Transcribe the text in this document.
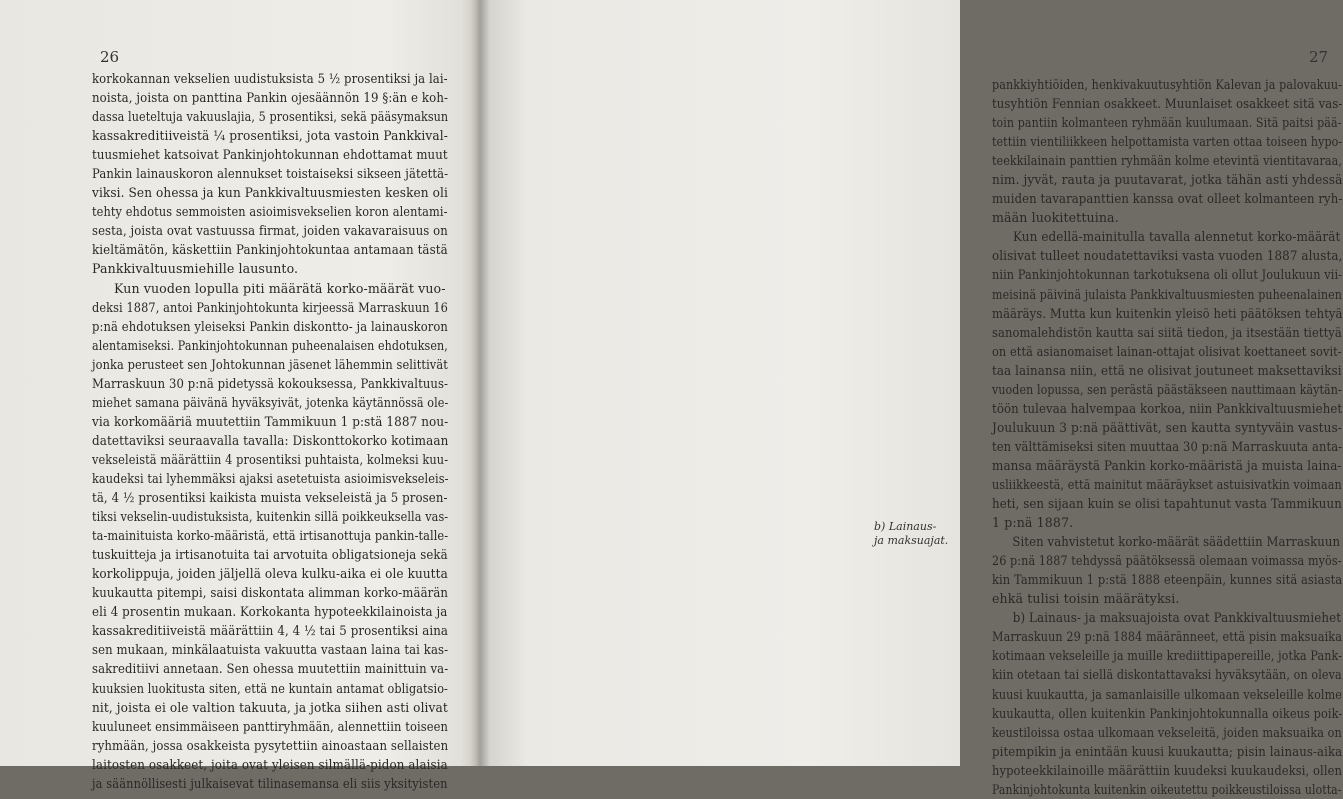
26
korkokannan vekselien uudistuksista 5 ½ prosentiksi ja lai-
noista, joista on panttina Pankin ojesäännön 19 §:än e koh-
dassa lueteltuja vakuuslajia, 5 prosentiksi, sekä pääsymaksun
kassakreditiiveistä ¼ prosentiksi, jota vastoin Pankkival-
tuusmiehet katsoivat Pankinjohtokunnan ehdottamat muut
Pankin lainauskoron alennukset toistaiseksi sikseen jätettä-
viksi. Sen ohessa ja kun Pankkivaltuusmiesten kesken oli
tehty ehdotus semmoisten asioimisvekselien koron alentami-
sesta, joista ovat vastuussa firmat, joiden vakavaraisuus on
kieltämätön, käskettiin Pankinjohtokuntaa antamaan tästä
Pankkivaltuusmiehille lausunto.
Kun vuoden lopulla piti määrätä korko-määrät vuo-
deksi 1887, antoi Pankinjohtokunta kirjeessä Marraskuun 16
p:nä ehdotuksen yleiseksi Pankin diskontto- ja lainauskoron
alentamiseksi. Pankinjohtokunnan puheenalaisen ehdotuksen,
jonka perusteet sen Johtokunnan jäsenet lähemmin selittivät
Marraskuun 30 p:nä pidetyssä kokouksessa, Pankkivaltuus-
miehet samana päivänä hyväksyivät, jotenka käytännössä ole-
via korkomääriä muutettiin Tammikuun 1 p:stä 1887 nou-
datettaviksi seuraavalla tavalla: Diskonttokorko kotimaan
vekseleistä määrättiin 4 prosentiksi puhtaista, kolmeksi kuu-
kaudeksi tai lyhemmäksi ajaksi asetetuista asioimisvekseleis-
tä, 4 ½ prosentiksi kaikista muista vekseleistä ja 5 prosen-
tiksi vekselin-uudistuksista, kuitenkin sillä poikkeuksella vas-
ta-mainituista korko-määristä, että irtisanottuja pankin-talle-
tuskuitteja ja irtisanotuita tai arvotuita obligatsioneja sekä
korkolippuja, joiden jäljellä oleva kulku-aika ei ole kuutta
kuukautta pitempi, saisi diskontata alimman korko-määrän
eli 4 prosentin mukaan. Korkokanta hypoteekkilainoista ja
kassakreditiiveistä määrättiin 4, 4 ½ tai 5 prosentiksi aina
sen mukaan, minkälaatuista vakuutta vastaan laina tai kas-
sakreditiivi annetaan. Sen ohessa muutettiin mainittuin va-
kuuksien luokitusta siten, että ne kuntain antamat obligatsio-
nit, joista ei ole valtion takuuta, ja jotka siihen asti olivat
kuuluneet ensimmäiseen panttiryhmään, alennettiin toiseen
ryhmään, jossa osakkeista pysytettiin ainoastaan sellaisten
laitosten osakkeet, joita ovat yleisen silmällä-pidon alaisia
ja säännöllisesti julkaisevat tilinasemansa eli siis yksityisten
27
pankkiyhtiöiden, henkivakuutusyhtiön Kalevan ja palovakuu-
tusyhtiön Fennian osakkeet. Muunlaiset osakkeet sitä vas-
toin pantiin kolmanteen ryhmään kuulumaan. Sitä paitsi pää-
tettiin vientiliikkeen helpottamista varten ottaa toiseen hypo-
teekkilainain panttien ryhmään kolme etevintä vientitavaraa,
nim. jyvät, rauta ja puutavarat, jotka tähän asti yhdessä
muiden tavarapanttien kanssa ovat olleet kolmanteen ryh-
mään luokitettuina.
Kun edellä-mainitulla tavalla alennetut korko-määrät
olisivat tulleet noudatettaviksi vasta vuoden 1887 alusta,
niin Pankinjohtokunnan tarkotuksena oli ollut Joulukuun vii-
meisinä päivinä julaista Pankkivaltuusmiesten puheenalainen
määräys. Mutta kun kuitenkin yleisö heti päätöksen tehtyä
sanomalehdistön kautta sai siitä tiedon, ja itsestään tiettyä
on että asianomaiset lainan-ottajat olisivat koettaneet sovit-
taa lainansa niin, että ne olisivat joutuneet maksettaviksi
vuoden lopussa, sen perästä päästäkseen nauttimaan käytän-
töön tulevaa halvempaa korkoa, niin Pankkivaltuusmiehet
Joulukuun 3 p:nä päättivät, sen kautta syntyväin vastus-
ten välttämiseksi siten muuttaa 30 p:nä Marraskuuta anta-
mansa määräystä Pankin korko-määristä ja muista laina-
usliikkeestä, että mainitut määräykset astuisivatkin voimaan
heti, sen sijaan kuin se olisi tapahtunut vasta Tammikuun
1 p:nä 1887.
Siten vahvistetut korko-määrät säädettiin Marraskuun
26 p:nä 1887 tehdyssä päätöksessä olemaan voimassa myös-
kin Tammikuun 1 p:stä 1888 eteenpäin, kunnes sitä asiasta
ehkä tulisi toisin määrätyksi.
b) Lainaus- ja maksuajoista ovat Pankkivaltuusmiehet
Marraskuun 29 p:nä 1884 määränneet, että pisin maksuaika
kotimaan vekseleille ja muille krediittipapereille, jotka Pank-
kiin otetaan tai siellä diskontattavaksi hyväksytään, on oleva
kuusi kuukautta, ja samanlaisille ulkomaan vekseleille kolme
kuukautta, ollen kuitenkin Pankinjohtokunnalla oikeus poik-
keustiloissa ostaa ulkomaan vekseleitä, joiden maksuaika on
pitempikin ja enintään kuusi kuukautta; pisin lainaus-aika
hypoteekkilainoille määrättiin kuudeksi kuukaudeksi, ollen
Pankinjohtokunta kuitenkin oikeutettu poikkeustiloissa ulotta-
b) Lainaus-
ja maksuajat.
